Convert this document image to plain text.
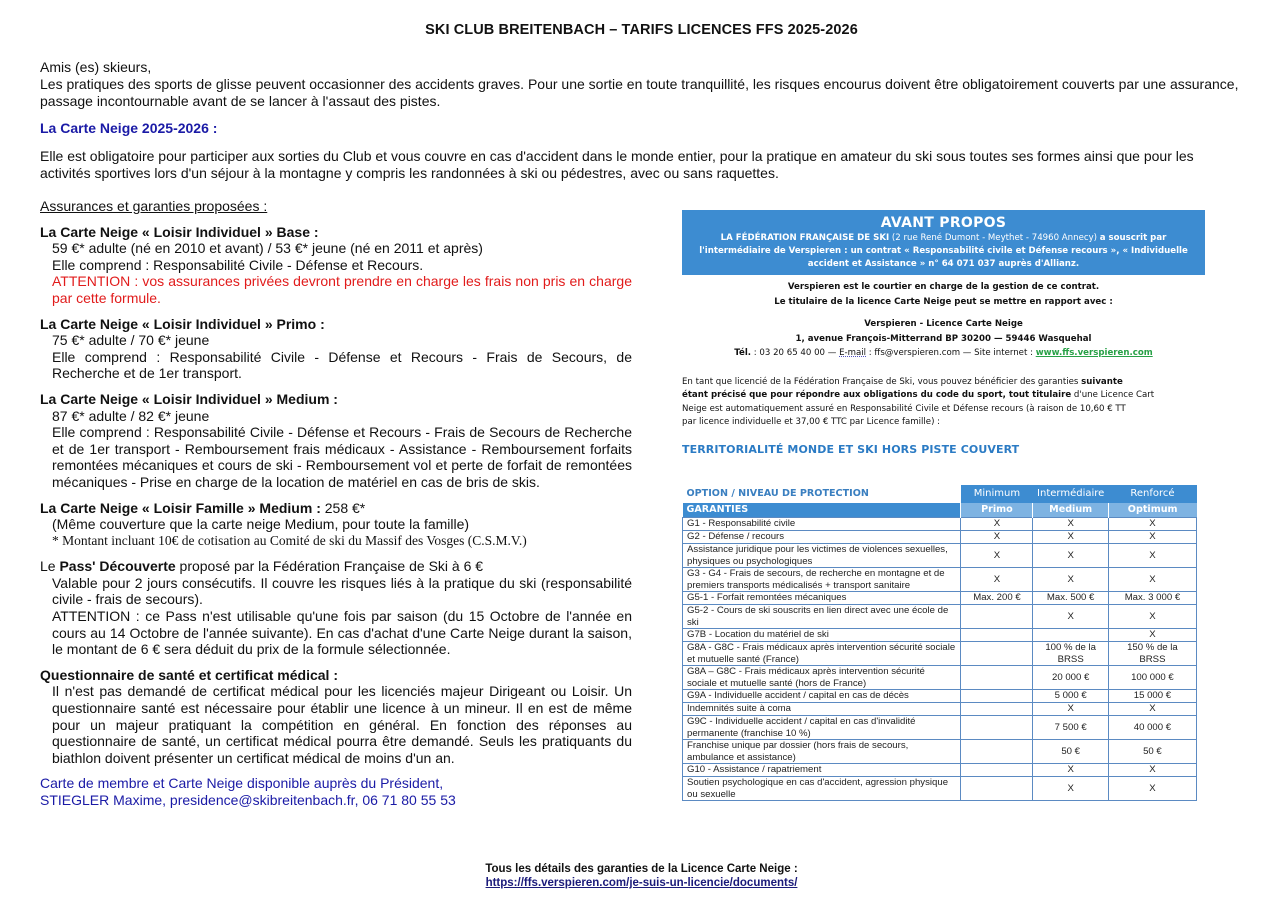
SKI CLUB BREITENBACH – TARIFS LICENCES FFS 2025-2026

Amis (es) skieurs,

Les pratiques des sports de glisse peuvent occasionner des accidents graves. Pour une sortie en toute tranquillité, les risques encourus doivent être obligatoirement couverts par une assurance, passage incontournable avant de se lancer à l'assaut des pistes.

La Carte Neige 2025-2026 :
Elle est obligatoire pour participer aux sorties du Club et vous couvre en cas d'accident dans le monde entier, pour la pratique en amateur du ski sous toutes ses formes ainsi que pour les activités sportives lors d'un séjour à la montagne y compris les randonnées à ski ou pédestres, avec ou sans raquettes.
Assurances et garanties proposées :
La Carte Neige « Loisir Individuel » Base :
59 €* adulte (né en 2010 et avant) / 53 €* jeune (né en 2011 et après)
Elle comprend : Responsabilité Civile - Défense et Recours.
ATTENTION : vos assurances privées devront prendre en charge les frais non pris en charge par cette formule.
La Carte Neige « Loisir Individuel » Primo :
75 €* adulte / 70 €* jeune
Elle comprend : Responsabilité Civile - Défense et Recours - Frais de Secours, de Recherche et de 1er transport.
La Carte Neige « Loisir Individuel » Medium :
87 €* adulte / 82 €* jeune
Elle comprend : Responsabilité Civile - Défense et Recours - Frais de Secours de Recherche et de 1er transport - Remboursement frais médicaux - Assistance - Remboursement forfaits remontées mécaniques et cours de ski - Remboursement vol et perte de forfait de remontées mécaniques - Prise en charge de la location de matériel en cas de bris de skis.
La Carte Neige « Loisir Famille » Medium : 258 €*
(Même couverture que la carte neige Medium, pour toute la famille)
* Montant incluant 10€ de cotisation au Comité de ski du Massif des Vosges (C.S.M.V.)
Le Pass' Découverte proposé par la Fédération Française de Ski à 6 €
Valable pour 2 jours consécutifs. Il couvre les risques liés à la pratique du ski (responsabilité civile - frais de secours).
ATTENTION : ce Pass n'est utilisable qu'une fois par saison (du 15 Octobre de l'année en cours au 14 Octobre de l'année suivante). En cas d'achat d'une Carte Neige durant la saison, le montant de 6 € sera déduit du prix de la formule sélectionnée.
Questionnaire de santé et certificat médical :
Il n'est pas demandé de certificat médical pour les licenciés majeur Dirigeant ou Loisir. Un questionnaire santé est nécessaire pour établir une licence à un mineur. Il en est de même pour un majeur pratiquant la compétition en général. En fonction des réponses au questionnaire de santé, un certificat médical pourra être demandé. Seuls les pratiquants du biathlon doivent présenter un certificat médical de moins d'un an.
Carte de membre et Carte Neige disponible auprès du Président,
STIEGLER Maxime, presidence@skibreitenbach.fr, 06 71 80 55 53
AVANT PROPOS
LA FÉDÉRATION FRANÇAISE DE SKI (2 rue René Dumont - Meythet - 74960 Annecy) a souscrit par l'intermédiaire de Verspieren : un contrat « Responsabilité civile et Défense recours », « Individuelle accident et Assistance » n° 64 071 037 auprès d'Allianz.
Verspieren est le courtier en charge de la gestion de ce contrat.
Le titulaire de la licence Carte Neige peut se mettre en rapport avec :
Verspieren - Licence Carte Neige
1, avenue François-Mitterrand BP 30200 — 59446 Wasquehal
Tél. : 03 20 65 40 00 — E-mail : ffs@verspieren.com — Site internet : www.ffs.verspieren.com
En tant que licencié de la Fédération Française de Ski, vous pouvez bénéficier des garanties suivante
étant précisé que pour répondre aux obligations du code du sport, tout titulaire d'une Licence Cart
Neige est automatiquement assuré en Responsabilité Civile et Défense recours (à raison de 10,60 € TT
par licence individuelle et 37,00 € TTC par Licence famille) :
TERRITORIALITÉ MONDE ET SKI HORS PISTE COUVERT
OPTION / NIVEAU DE PROTECTION	Minimum	Intermédiaire	Renforcé
GARANTIES	Primo	Medium	Optimum
G1 - Responsabilité civile	X	X	X
G2 - Défense / recours	X	X	X
Assistance juridique pour les victimes de violences sexuelles, physiques ou psychologiques	X	X	X
G3 - G4 - Frais de secours, de recherche en montagne et de premiers transports médicalisés + transport sanitaire	X	X	X
G5-1 - Forfait remontées mécaniques	Max. 200 €	Max. 500 €	Max. 3 000 €
G5-2 - Cours de ski souscrits en lien direct avec une école de ski		X	X
G7B - Location du matériel de ski			X
G8A - G8C - Frais médicaux après intervention sécurité sociale et mutuelle santé (France)		100 % de la BRSS	150 % de la BRSS
G8A – G8C - Frais médicaux après intervention sécurité sociale et mutuelle santé (hors de France)		20 000 €	100 000 €
G9A - Individuelle accident / capital en cas de décès		5 000 €	15 000 €
Indemnités suite à coma		X	X
G9C - Individuelle accident / capital en cas d'invalidité permanente (franchise 10 %)		7 500 €	40 000 €
Franchise unique par dossier (hors frais de secours, ambulance et assistance)		50 €	50 €
G10 - Assistance / rapatriement		X	X
Soutien psychologique en cas d'accident, agression physique ou sexuelle		X	X
Tous les détails des garanties de la Licence Carte Neige :
https://ffs.verspieren.com/je-suis-un-licencie/documents/
